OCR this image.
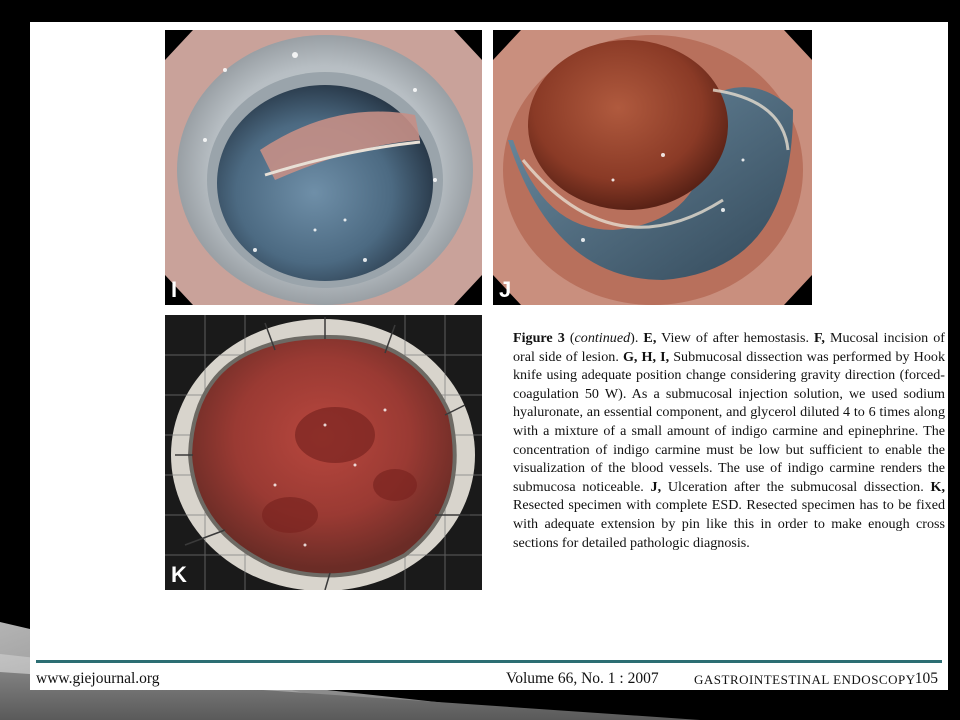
I	J
K
Figure 3 (continued). E, View of after hemostasis. F, Mucosal incision of oral side of lesion. G, H, I, Submucosal dissection was performed by Hook knife using adequate position change considering gravity direction (forced-coagulation 50 W). As a submucosal injection solution, we used sodium hyaluronate, an essential component, and glycerol diluted 4 to 6 times along with a mixture of a small amount of indigo carmine and epinephrine. The concentration of indigo carmine must be low but sufficient to enable the visualization of the blood vessels. The use of indigo carmine renders the submucosa noticeable. J, Ulceration after the submucosal dissection. K, Resected specimen with complete ESD. Resected specimen has to be fixed with adequate extension by pin like this in order to make enough cross sections for detailed pathologic diagnosis.
www.giejournal.org	Volume 66, No. 1 : 2007	GASTROINTESTINAL ENDOSCOPY 105
